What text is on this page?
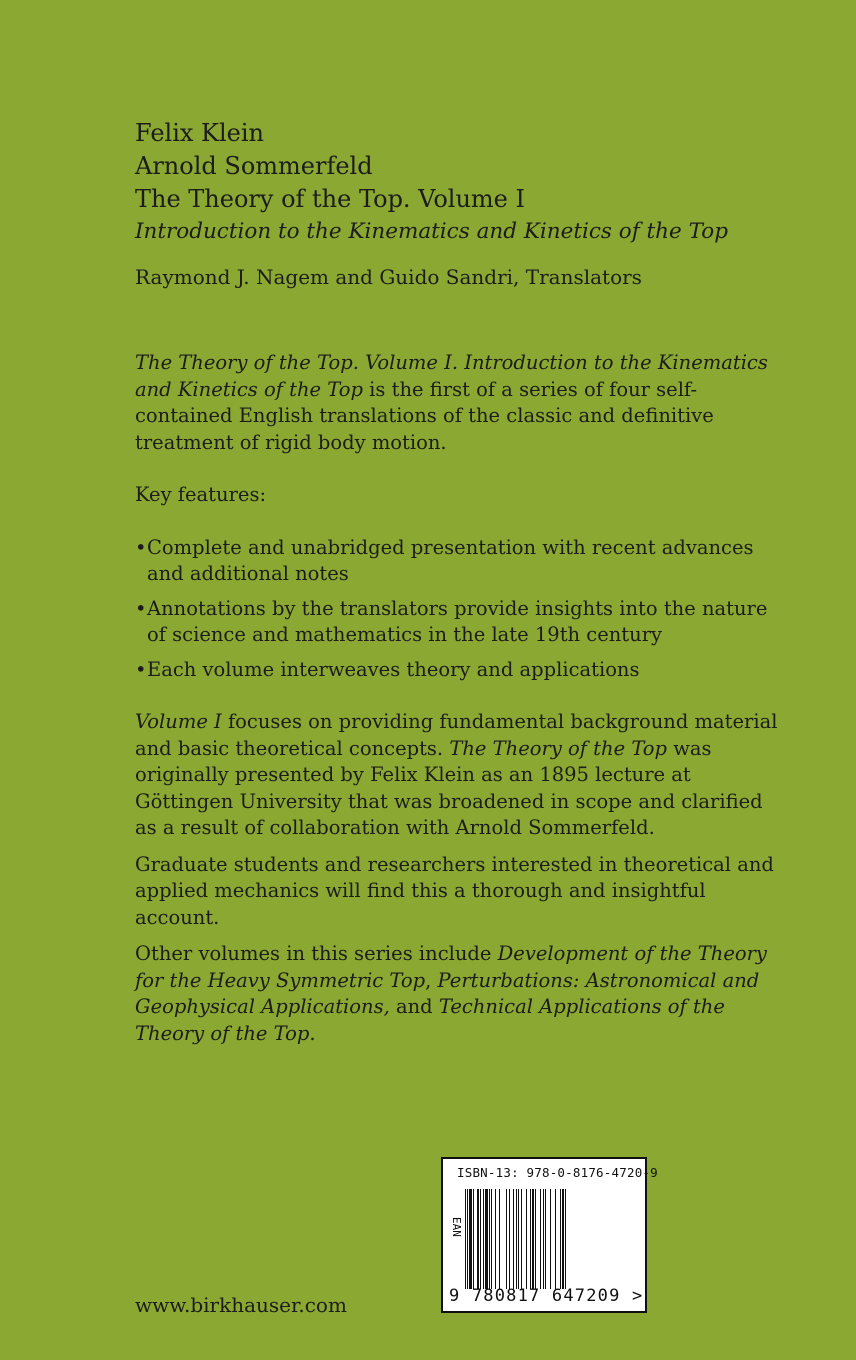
Felix Klein
Arnold Sommerfeld
The Theory of the Top. Volume I
Introduction to the Kinematics and Kinetics of the Top
Raymond J. Nagem and Guido Sandri, Translators

The Theory of the Top. Volume I. Introduction to the Kinematics and Kinetics of the Top is the first of a series of four self-contained English translations of the classic and definitive treatment of rigid body motion.

Key features:

• Complete and unabridged presentation with recent advances and additional notes
• Annotations by the translators provide insights into the nature of science and mathematics in the late 19th century
• Each volume interweaves theory and applications

Volume I focuses on providing fundamental background material and basic theoretical concepts. The Theory of the Top was originally presented by Felix Klein as an 1895 lecture at Göttingen University that was broadened in scope and clarified as a result of collaboration with Arnold Sommerfeld.

Graduate students and researchers interested in theoretical and applied mechanics will find this a thorough and insightful account.

Other volumes in this series include Development of the Theory for the Heavy Symmetric Top, Perturbations: Astronomical and Geophysical Applications, and Technical Applications of the Theory of the Top.

www.birkhauser.com
ISBN-13: 978-0-8176-4720-9
EAN
9 780817 647209 >
